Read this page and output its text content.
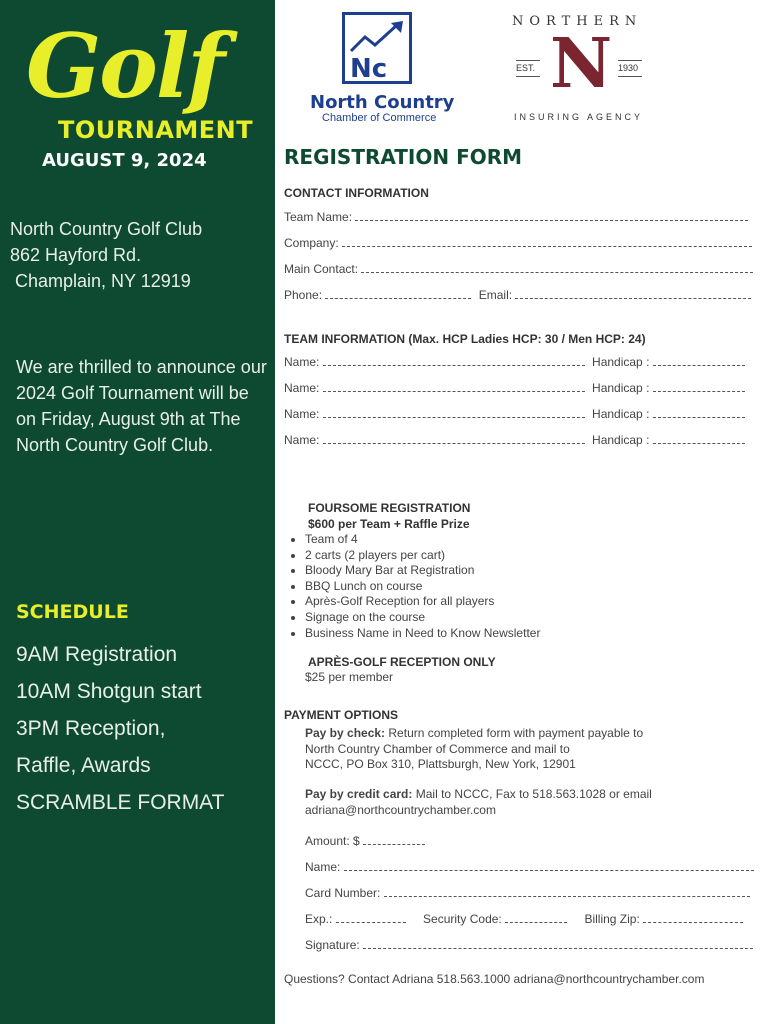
Golf
TOURNAMENT
AUGUST 9, 2024
North Country Golf Club
862 Hayford Rd.
Champlain, NY 12919
We are thrilled to announce our 2024 Golf Tournament will be on Friday, August 9th at The North Country Golf Club.
SCHEDULE
9AM Registration
10AM Shotgun start
3PM Reception,
Raffle, Awards
SCRAMBLE FORMAT
Nc
North Country
Chamber of Commerce
NORTHERN
N
EST.	1930
INSURING AGENCY
REGISTRATION FORM
CONTACT INFORMATION
Team Name:
Company:
Main Contact:
Phone:	Email:
TEAM INFORMATION (Max. HCP Ladies HCP: 30 / Men HCP: 24)
Name:	Handicap :
Name:	Handicap :
Name:	Handicap :
Name:	Handicap :
FOURSOME REGISTRATION
$600 per Team + Raffle Prize
• Team of 4
• 2 carts (2 players per cart)
• Bloody Mary Bar at Registration
• BBQ Lunch on course
• Après-Golf Reception for all players
• Signage on the course
• Business Name in Need to Know Newsletter
APRÈS-GOLF RECEPTION ONLY
$25 per member
PAYMENT OPTIONS
Pay by check: Return completed form with payment payable to
North Country Chamber of Commerce and mail to
NCCC, PO Box 310, Plattsburgh, New York, 12901
Pay by credit card: Mail to NCCC, Fax to 518.563.1028 or email
adriana@northcountrychamber.com
Amount: $
Name:
Card Number:
Exp.:	Security Code:	Billing Zip:
Signature:
Questions? Contact Adriana 518.563.1000 adriana@northcountrychamber.com
